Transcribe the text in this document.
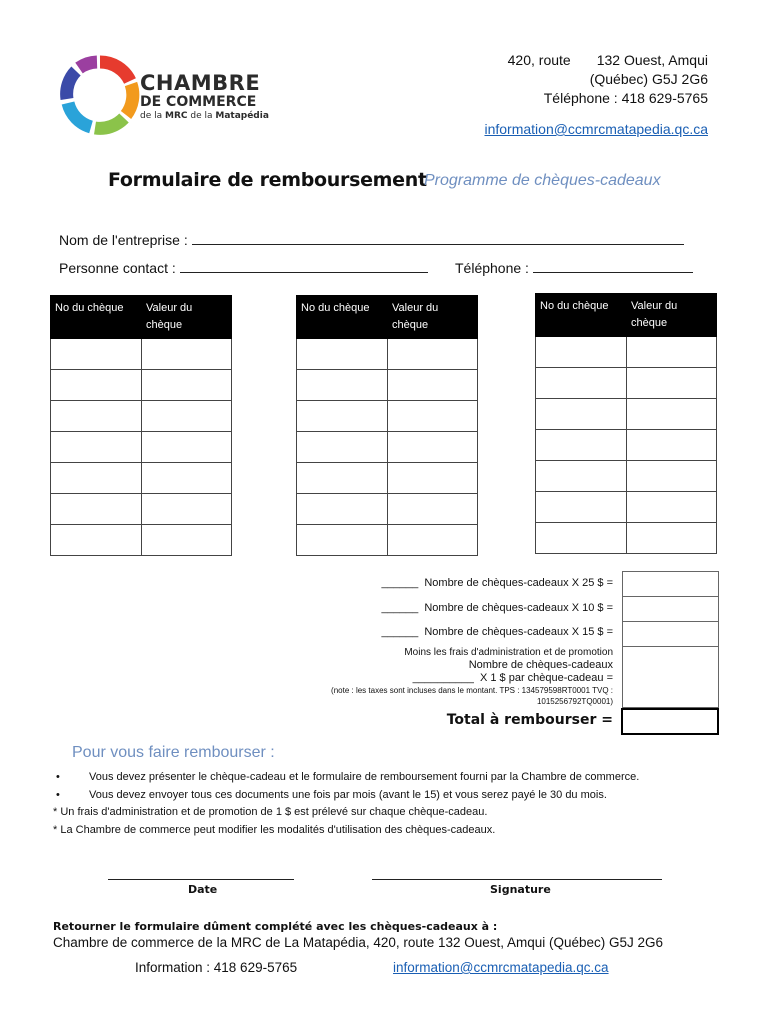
CHAMBRE
DE COMMERCE
de la MRC de la Matapédia
420, route 132 Ouest, Amqui
(Québec) G5J 2G6
Téléphone : 418 629-5765
information@ccmrcmatapedia.qc.ca
Formulaire de remboursement
Programme de chèques-cadeaux
Nom de l'entreprise :
Personne contact :	Téléphone :
No du chèque	Valeur du
chèque

No du chèque	Valeur du
chèque

No du chèque	Valeur du
chèque

______ Nombre de chèques-cadeaux X 25 $ =
______ Nombre de chèques-cadeaux X 10 $ =
______ Nombre de chèques-cadeaux X 15 $ =
Moins les frais d'administration et de promotion
Nombre de chèques-cadeaux
__________ X 1 $ par chèque-cadeau =
(note : les taxes sont incluses dans le montant. TPS : 134579598RT0001 TVQ :
1015256792TQ0001)
Total à rembourser =
Pour vous faire rembourser :
•	Vous devez présenter le chèque-cadeau et le formulaire de remboursement fourni par la Chambre de commerce.
•	Vous devez envoyer tous ces documents une fois par mois (avant le 15) et vous serez payé le 30 du mois.
* Un frais d'administration et de promotion de 1 $ est prélevé sur chaque chèque-cadeau.
* La Chambre de commerce peut modifier les modalités d'utilisation des chèques-cadeaux.
Date	Signature
Retourner le formulaire dûment complété avec les chèques-cadeaux à :
Chambre de commerce de la MRC de La Matapédia, 420, route 132 Ouest, Amqui (Québec) G5J 2G6
Information : 418 629-5765	information@ccmrcmatapedia.qc.ca
